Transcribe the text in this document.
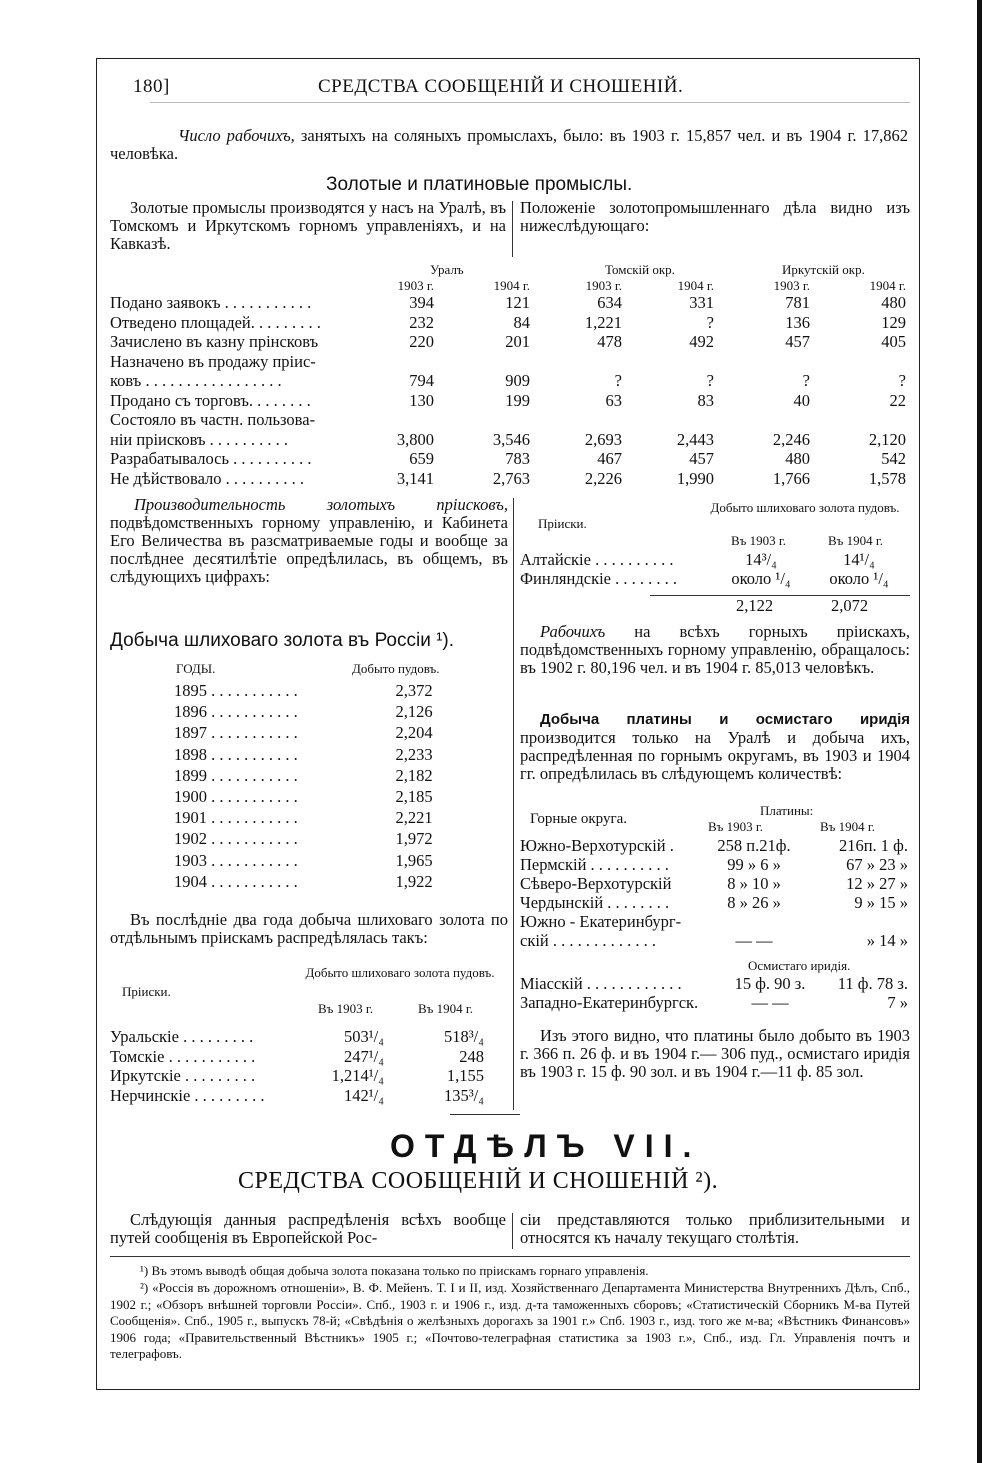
180]	СРЕДСТВА СООБЩЕНІЙ И СНОШЕНІЙ.
Число рабочихъ, занятыхъ на соляныхъ промыслахъ, было: въ 1903 г. 15,857 чел. и въ 1904 г. 17,862 человѣка.
Золотые и платиновые промыслы.
Золотые промыслы производятся у насъ на Уралѣ, въ Томскомъ и Иркутскомъ горномъ управленіяхъ, и на Кавказѣ.
Положеніе золотопромышленнаго дѣла видно изъ нижеслѣдующаго:
Уралъ	Томскій окр.	Иркутскій окр.
	1903 г.	1904 г.	1903 г.	1904 г.	1903 г.	1904 г.
Подано заявокъ . . . . . . . . . . .	394	121	634	331	781	480
Отведено площадей. . . . . . . . .	232	84	1,221	?	136	129
Зачислено въ казну прінсковъ	220	201	478	492	457	405
Назначено въ продажу пріис-						
ковъ . . . . . . . . . . . . . . . . .	794	909	?	?	?	?
Продано съ торговъ. . . . . . . .	130	199	63	83	40	22
Состояло въ частн. пользова-						
ніи пріисковъ . . . . . . . . . .	3,800	3,546	2,693	2,443	2,246	2,120
Разрабатывалось . . . . . . . . . .	659	783	467	457	480	542
Не дѣйствовало . . . . . . . . . .	3,141	2,763	2,226	1,990	1,766	1,578
Производительность золотыхъ пріисковъ, подвѣдомственныхъ горному управленію, и Кабинета Его Величества въ разсматриваемые годы и вообще за послѣднее десятилѣтіе опредѣлилась, въ общемъ, въ слѣдующихъ цифрахъ:
Добыто шлиховаго золота пудовъ.
Пріиски.
Въ 1903 г.	Въ 1904 г.
Алтайскіе . . . . . . . . . .	14³/₄	14¹/₄
Финляндскіе . . . . . . . .	около ¹/₄	около ¹/₄
2,122	2,072
Рабочихъ на всѣхъ горныхъ пріискахъ, подвѣдомственныхъ горному управленію, обращалось: въ 1902 г. 80,196 чел. и въ 1904 г. 85,013 человѣкъ.
Добыча платины и осмистаго иридія производится только на Уралѣ и добыча ихъ, распредѣленная по горнымъ округамъ, въ 1903 и 1904 гг. опредѣлилась въ слѣдующемъ количествѣ:
Платины:
Горные округа.	Въ 1903 г.	Въ 1904 г.
Южно-Верхотурскій .	258 п.21ф.	216п. 1 ф.
Пермскій . . . . . . . . . .	99 » 6 »	67 » 23 »
Сѣверо-Верхотурскій	8 » 10 »	12 » 27 »
Чердынскій . . . . . . . .	8 » 26 »	9 » 15 »
Южно - Екатеринбург-		
скій . . . . . . . . . . . . .	— —	» 14 »
Осмистаго иридія.
Міасскій . . . . . . . . . . . .	15 ф. 90 з.	11 ф. 78 з.
Западно-Екатеринбургск.	— —	7 »
Изъ этого видно, что платины было добыто въ 1903 г. 366 п. 26 ф. и въ 1904 г.— 306 пуд., осмистаго иридія въ 1903 г. 15 ф. 90 зол. и въ 1904 г.—11 ф. 85 зол.
Добыча шлиховаго золота въ Россіи ¹).
ГОДЫ.	Добыто пудовъ.
1895 . . . . . . . . . . .	2,372
1896 . . . . . . . . . . .	2,126
1897 . . . . . . . . . . .	2,204
1898 . . . . . . . . . . .	2,233
1899 . . . . . . . . . . .	2,182
1900 . . . . . . . . . . .	2,185
1901 . . . . . . . . . . .	2,221
1902 . . . . . . . . . . .	1,972
1903 . . . . . . . . . . .	1,965
1904 . . . . . . . . . . .	1,922
Въ послѣдніе два года добыча шлиховаго золота по отдѣльнымъ пріискамъ распредѣлялась такъ:
Добыто шлиховаго золота пудовъ.
Пріиски.
Въ 1903 г.	Въ 1904 г.
Уральскіе . . . . . . . . .	503¹/₄	518³/₄
Томскіе . . . . . . . . . . .	247¹/₄	248
Иркутскіе . . . . . . . . .	1,214¹/₄	1,155
Нерчинскіе . . . . . . . . .	142¹/₄	135³/₄
ОТДѢЛЪ VII.
СРЕДСТВА СООБЩЕНІЙ И СНОШЕНІЙ ²).
Слѣдующія данныя распредѣленія всѣхъ вообще путей сообщенія въ Европейской Рос-
сіи представляются только приблизительными и относятся къ началу текущаго столѣтія.
¹) Въ этомъ выводѣ общая добыча золота показана только по пріискамъ горнаго управленія.
²) «Россія въ дорожномъ отношеніи», В. Ф. Мейенъ. Т. I и II, изд. Хозяйственнаго Департамента Министерства Внутреннихъ Дѣлъ, Спб., 1902 г.; «Обзоръ внѣшней торговли Россіи». Спб., 1903 г. и 1906 г., изд. д-та таможенныхъ сборовъ; «Статистическій Сборникъ М-ва Путей Сообщенія». Спб., 1905 г., выпускъ 78-й; «Свѣдѣнія о желѣзныхъ дорогахъ за 1901 г.» Спб. 1903 г., изд. того же м-ва; «Вѣстникъ Финансовъ» 1906 года; «Правительственный Вѣстникъ» 1905 г.; «Почтово-телеграфная статистика за 1903 г.», Спб., изд. Гл. Управленія почтъ и телеграфовъ.
